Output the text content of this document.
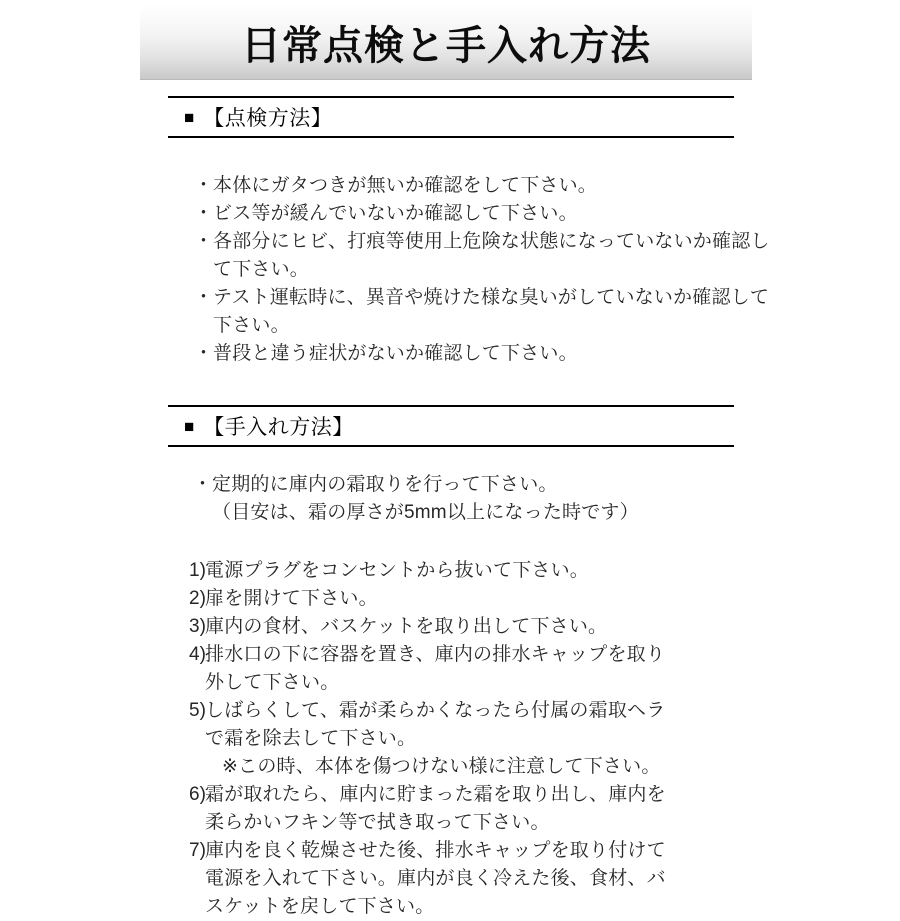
日常点検と手入れ方法
■ 【点検方法】
・ 本体にガタつきが無いか確認をして下さい。
・ ビス等が緩んでいないか確認して下さい。
・ 各部分にヒビ、打痕等使用上危険な状態になっていないか確認し
て下さい。
・ テスト運転時に、異音や焼けた様な臭いがしていないか確認して
下さい。
・ 普段と違う症状がないか確認して下さい。
■ 【手入れ方法】
・ 定期的に庫内の霜取りを行って下さい。
（目安は、霜の厚さが5mm以上になった時です）
1) 電源プラグをコンセントから抜いて下さい。
2) 扉を開けて下さい。
3) 庫内の食材、バスケットを取り出して下さい。
4) 排水口の下に容器を置き、庫内の排水キャップを取り
外して下さい。
5) しばらくして、霜が柔らかくなったら付属の霜取ヘラ
で霜を除去して下さい。
※この時、本体を傷つけない様に注意して下さい。
6) 霜が取れたら、庫内に貯まった霜を取り出し、庫内を
柔らかいフキン等で拭き取って下さい。
7) 庫内を良く乾燥させた後、排水キャップを取り付けて
電源を入れて下さい。庫内が良く冷えた後、食材、バ
スケットを戻して下さい。
